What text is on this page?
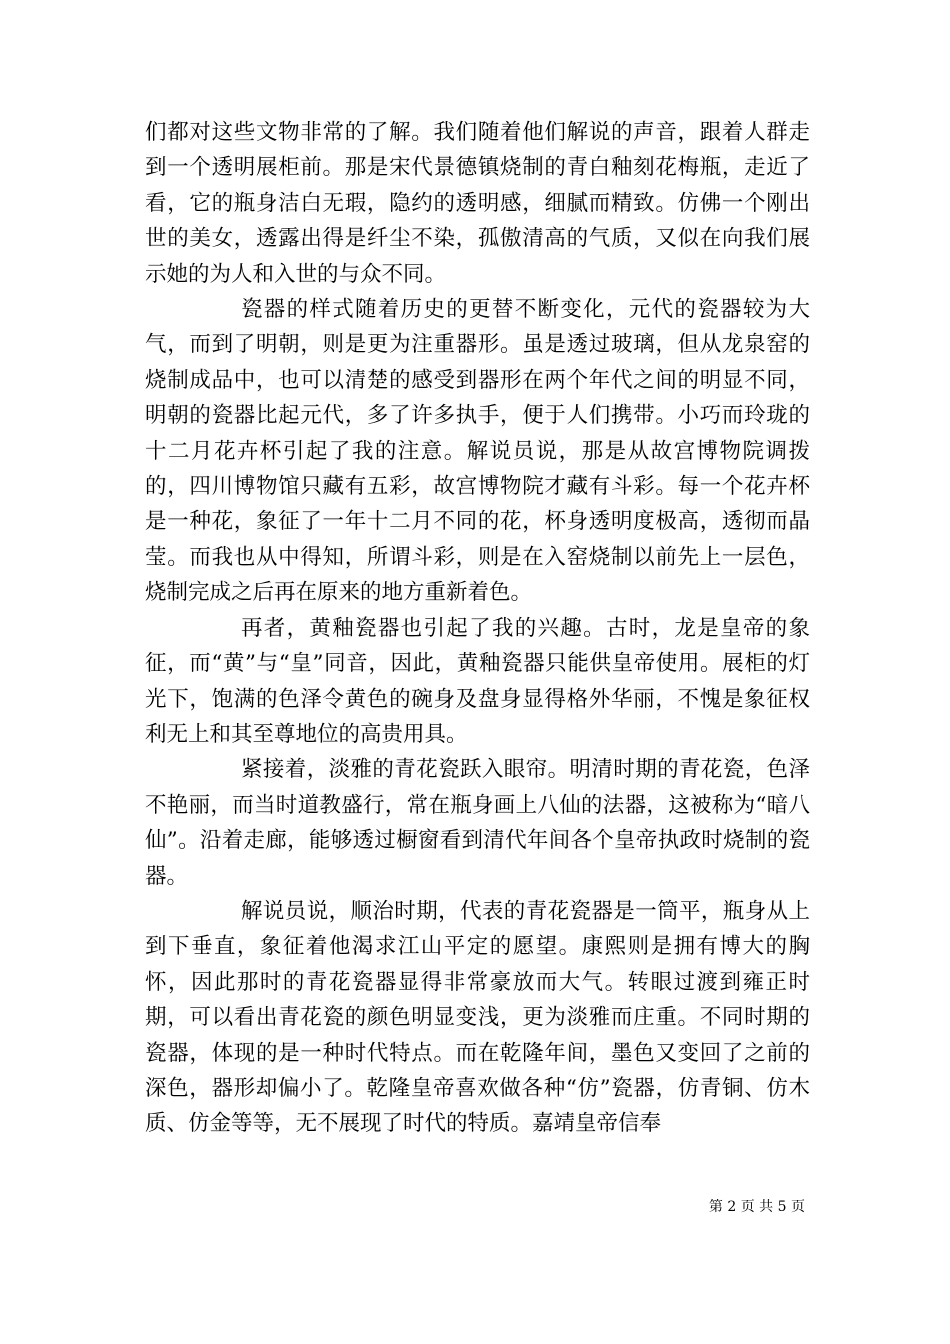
们都对这些文物非常的了解。我们随着他们解说的声音，跟着人群走到一个透明展柜前。那是宋代景德镇烧制的青白釉刻花梅瓶，走近了看，它的瓶身洁白无瑕，隐约的透明感，细腻而精致。仿佛一个刚出世的美女，透露出得是纤尘不染，孤傲清高的气质，又似在向我们展示她的为人和入世的与众不同。

瓷器的样式随着历史的更替不断变化，元代的瓷器较为大气，而到了明朝，则是更为注重器形。虽是透过玻璃，但从龙泉窑的烧制成品中，也可以清楚的感受到器形在两个年代之间的明显不同，明朝的瓷器比起元代，多了许多执手，便于人们携带。小巧而玲珑的十二月花卉杯引起了我的注意。解说员说，那是从故宫博物院调拨的，四川博物馆只藏有五彩，故宫博物院才藏有斗彩。每一个花卉杯是一种花，象征了一年十二月不同的花，杯身透明度极高，透彻而晶莹。而我也从中得知，所谓斗彩，则是在入窑烧制以前先上一层色，烧制完成之后再在原来的地方重新着色。

再者，黄釉瓷器也引起了我的兴趣。古时，龙是皇帝的象征，而“黄”与“皇”同音，因此，黄釉瓷器只能供皇帝使用。展柜的灯光下，饱满的色泽令黄色的碗身及盘身显得格外华丽，不愧是象征权利无上和其至尊地位的高贵用具。

紧接着，淡雅的青花瓷跃入眼帘。明清时期的青花瓷，色泽不艳丽，而当时道教盛行，常在瓶身画上八仙的法器，这被称为“暗八仙”。沿着走廊，能够透过橱窗看到清代年间各个皇帝执政时烧制的瓷器。

解说员说，顺治时期，代表的青花瓷器是一筒平，瓶身从上到下垂直，象征着他渴求江山平定的愿望。康熙则是拥有博大的胸怀，因此那时的青花瓷器显得非常豪放而大气。转眼过渡到雍正时期，可以看出青花瓷的颜色明显变浅，更为淡雅而庄重。不同时期的瓷器，体现的是一种时代特点。而在乾隆年间，墨色又变回了之前的深色，器形却偏小了。乾隆皇帝喜欢做各种“仿”瓷器，仿青铜、仿木质、仿金等等，无不展现了时代的特质。嘉靖皇帝信奉

第 2 页 共 5 页
